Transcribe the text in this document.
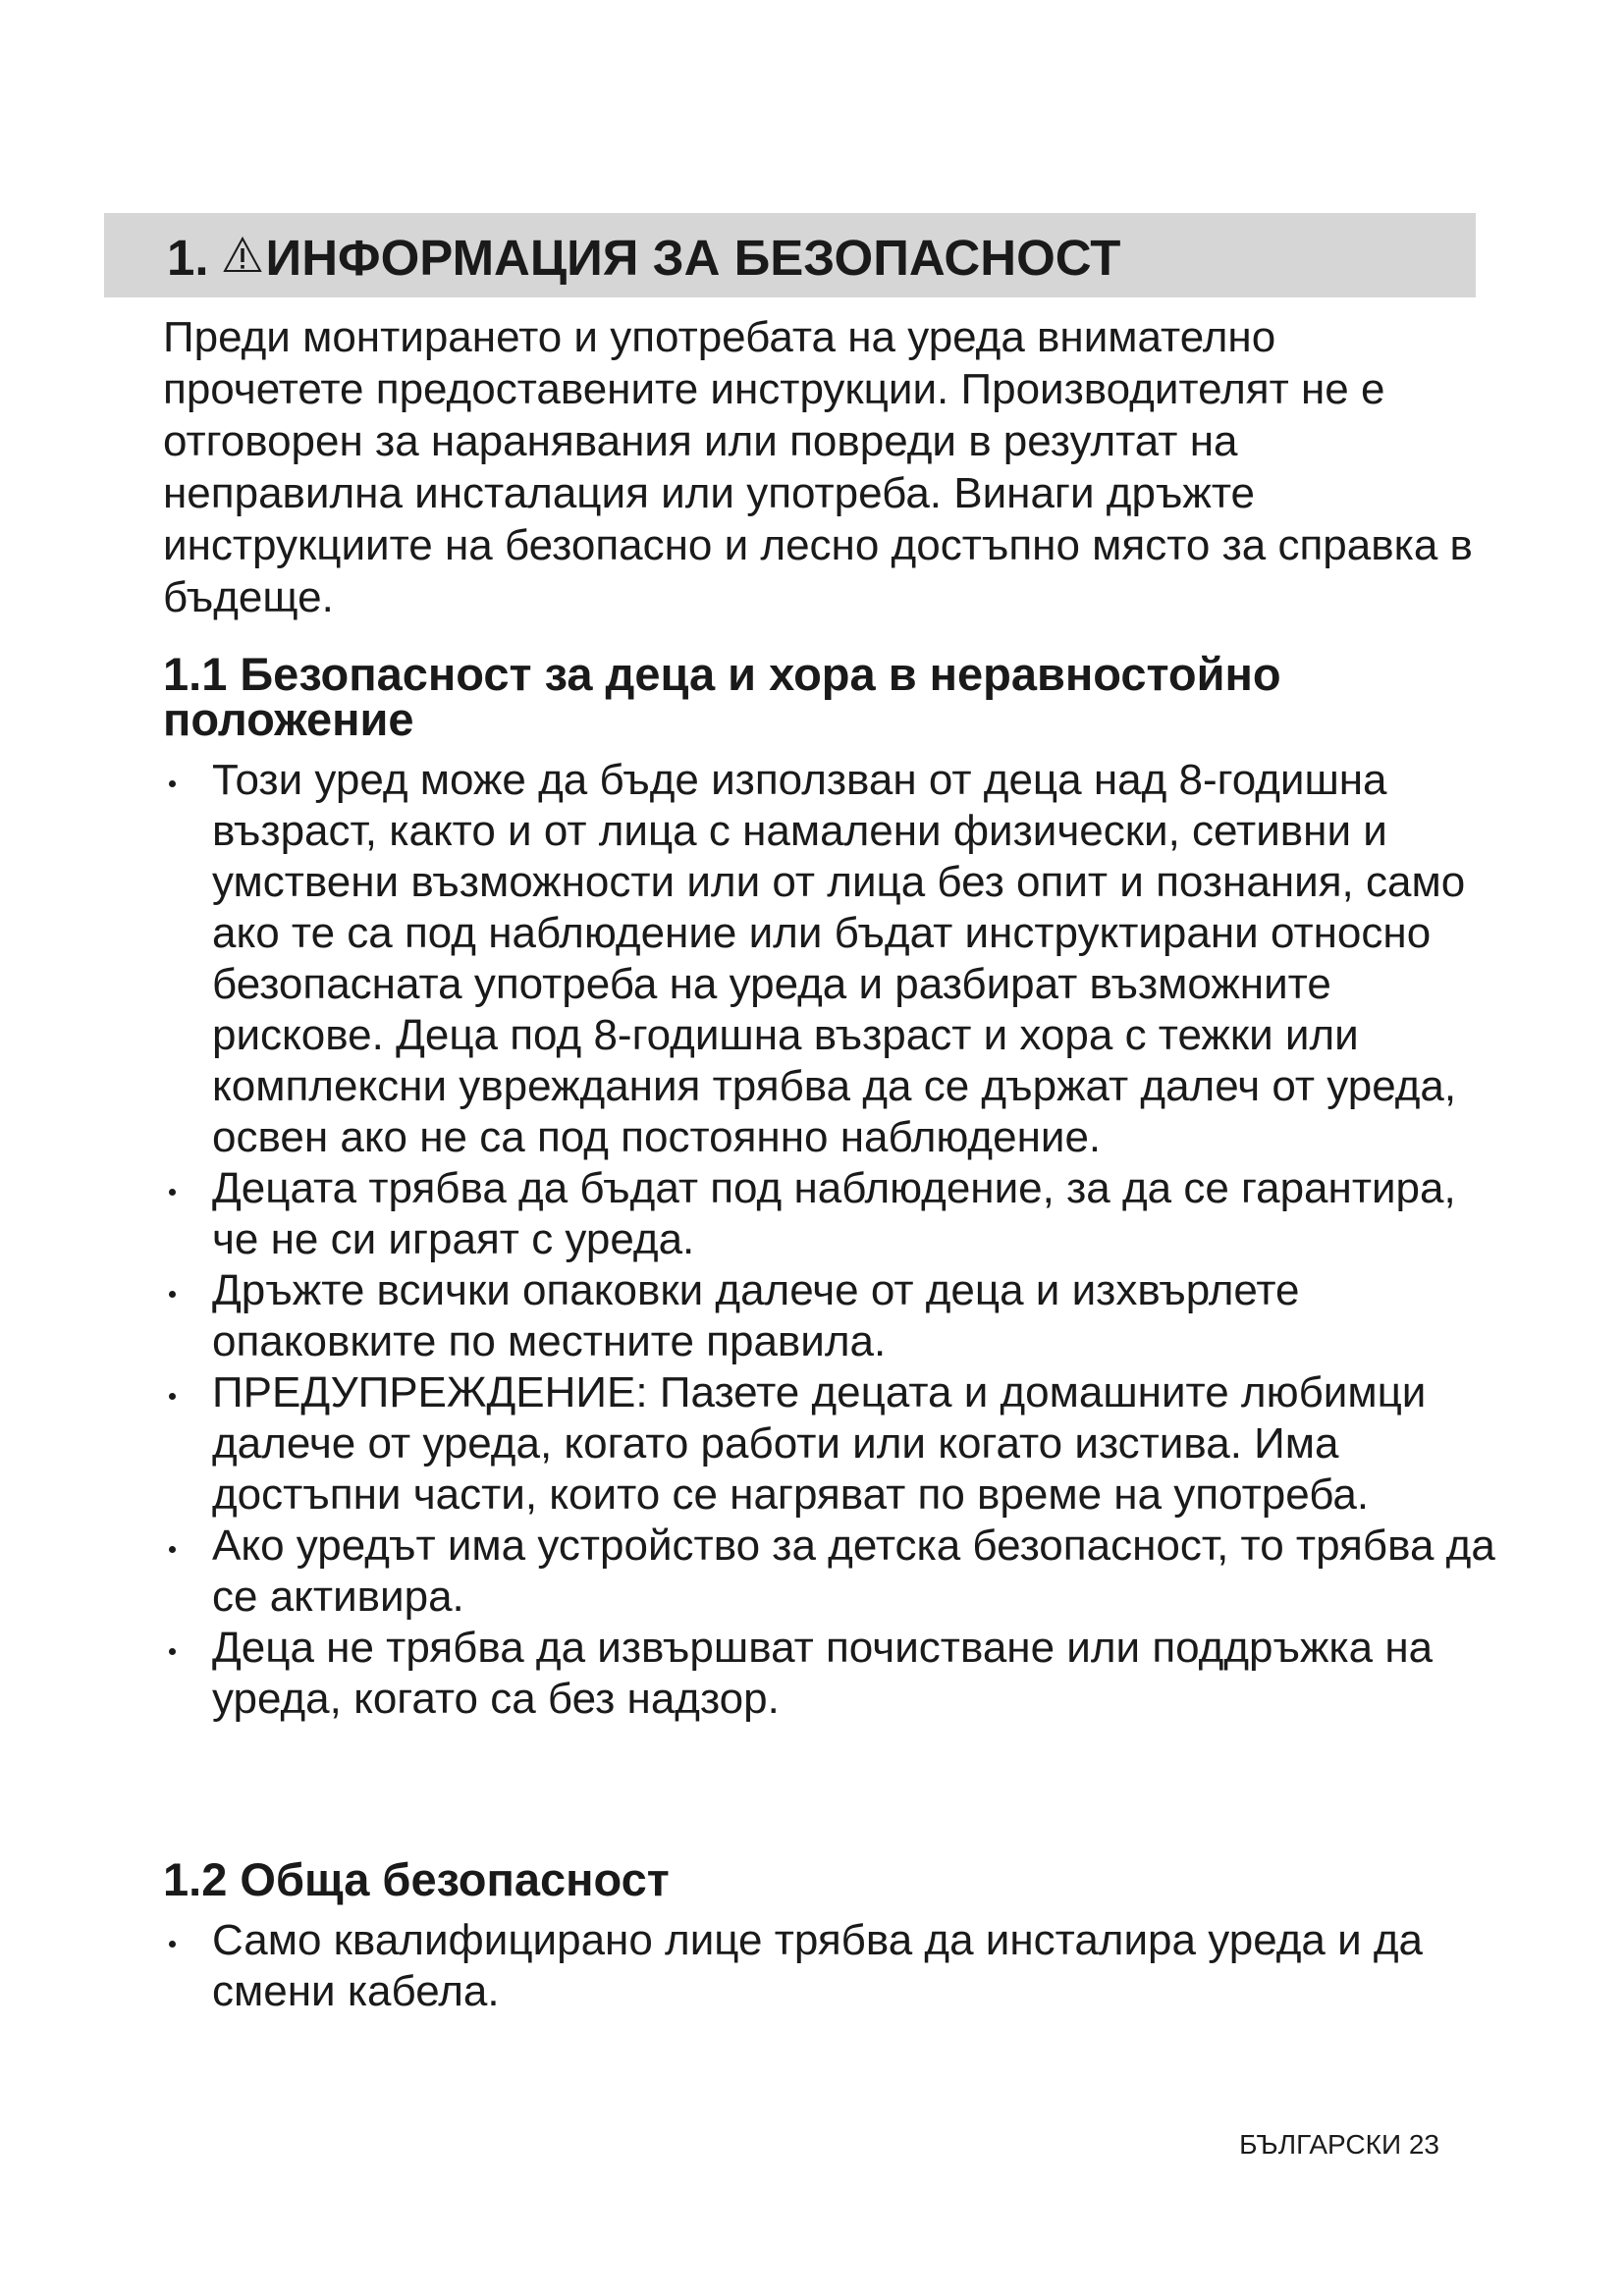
1. ИНФОРМАЦИЯ ЗА БЕЗОПАСНОСТ

Преди монтирането и употребата на уреда внимателно прочетете предоставените инструкции. Производителят не е отговорен за наранявания или повреди в резултат на неправилна инсталация или употреба. Винаги дръжте инструкциите на безопасно и лесно достъпно място за справка в бъдеще.

1.1 Безопасност за деца и хора в неравностойно положение
Този уред може да бъде използван от деца над 8-годишна възраст, както и от лица с намалени физически, сетивни и умствени възможности или от лица без опит и познания, само ако те са под наблюдение или бъдат инструктирани относно безопасната употреба на уреда и разбират възможните рискове. Деца под 8-годишна възраст и хора с тежки или комплексни увреждания трябва да се държат далеч от уреда, освен ако не са под постоянно наблюдение.
Децата трябва да бъдат под наблюдение, за да се гарантира, че не си играят с уреда.
Дръжте всички опаковки далече от деца и изхвърлете опаковките по местните правила.
ПРЕДУПРЕЖДЕНИЕ: Пазете децата и домашните любимци далече от уреда, когато работи или когато изстива. Има достъпни части, които се нагряват по време на употреба.
Ако уредът има устройство за детска безопасност, то трябва да се активира.
Деца не трябва да извършват почистване или поддръжка на уреда, когато са без надзор.
1.2 Обща безопасност
Само квалифицирано лице трябва да инсталира уреда и да смени кабела.
БЪЛГАРСКИ 23
